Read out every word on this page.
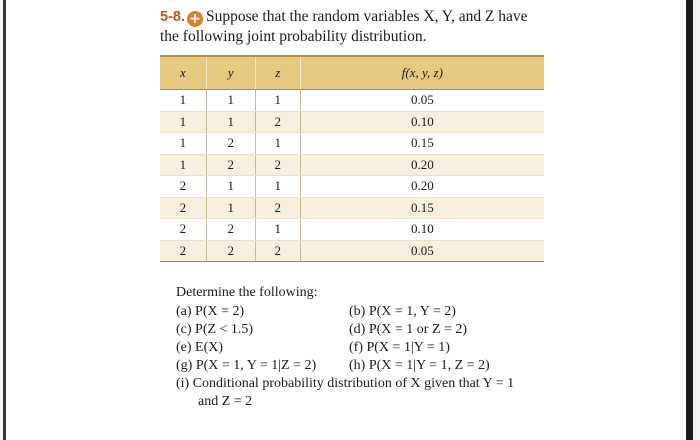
5-8. + Suppose that the random variables X, Y, and Z have
the following joint probability distribution.
x	y	z	f(x, y, z)
1	1	1	0.05
1	1	2	0.10
1	2	1	0.15
1	2	2	0.20
2	1	1	0.20
2	1	2	0.15
2	2	1	0.10
2	2	2	0.05
Determine the following:
(a) P(X = 2)	(b) P(X = 1, Y = 2)
(c) P(Z < 1.5)	(d) P(X = 1 or Z = 2)
(e) E(X)	(f) P(X = 1|Y = 1)
(g) P(X = 1, Y = 1|Z = 2) (h) P(X = 1|Y = 1, Z = 2)
(i) Conditional probability distribution of X given that Y = 1
and Z = 2
